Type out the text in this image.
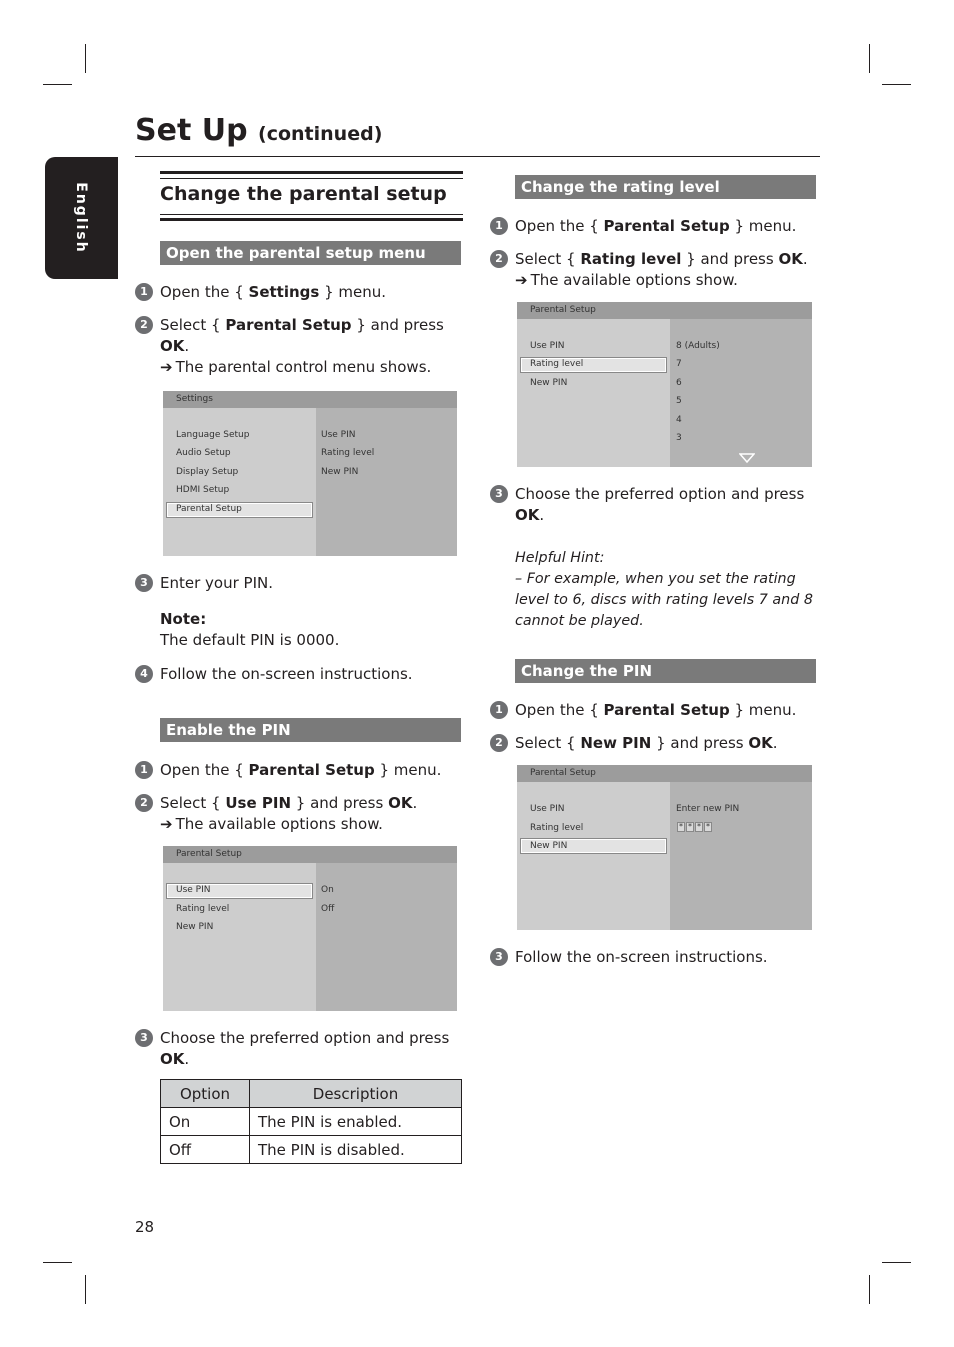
Set Up (continued)
English	Change the parental setup
Open the parental setup menu
1 Open the { Settings } menu.
2 Select { Parental Setup } and press
OK.
➔ The parental control menu shows.
Settings
Language Setup
Audio Setup
Display Setup
HDMI Setup
Parental Setup
Use PIN
Rating level
New PIN
3 Enter your PIN.
Note:
The default PIN is 0000.
4 Follow the on-screen instructions.
Enable the PIN
1 Open the { Parental Setup } menu.
2 Select { Use PIN } and press OK.
➔ The available options show.
Parental Setup
Use PIN
Rating level
New PIN
On
Off
3 Choose the preferred option and press
OK.
Option	Description
On	The PIN is enabled.
Off	The PIN is disabled.
28
Change the rating level
1 Open the { Parental Setup } menu.
2 Select { Rating level } and press OK.
➔ The available options show.
Parental Setup
Use PIN
Rating level
New PIN
8 (Adults)
7
6
5
4
3
3 Choose the preferred option and press
OK.
Helpful Hint:
– For example, when you set the rating level to 6, discs with rating levels 7 and 8 cannot be played.
Change the PIN
1 Open the { Parental Setup } menu.
2 Select { New PIN } and press OK.
Parental Setup
Use PIN
Rating level
New PIN
Enter new PIN
* * * *
3 Follow the on-screen instructions.
